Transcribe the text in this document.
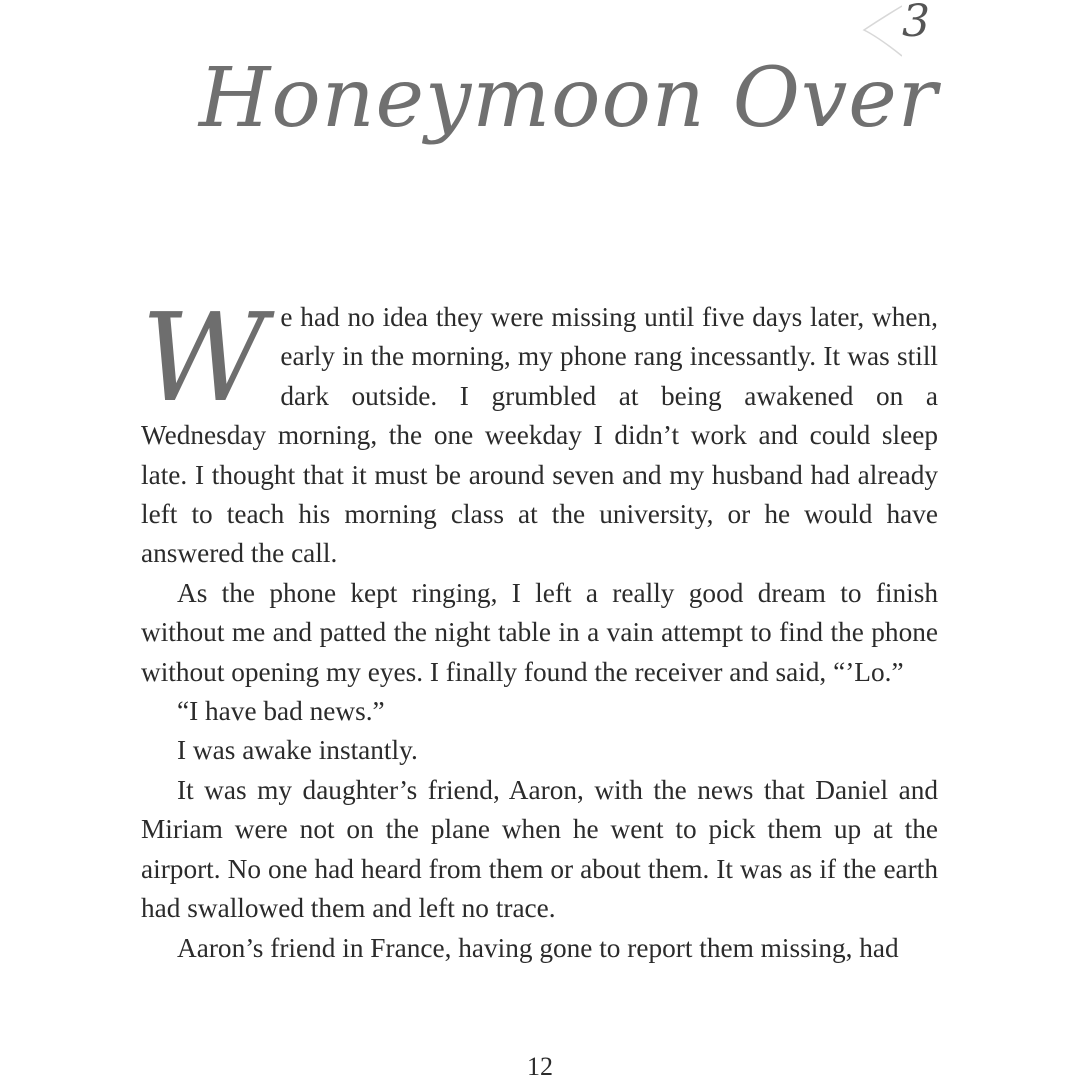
3
Honeymoon Over
W e had no idea they were missing until five days later, when, early in the morning, my phone rang incessantly. It was still dark outside. I grumbled at being awakened on a Wednesday morning, the one weekday I didn’t work and could sleep late. I thought that it must be around seven and my husband had already left to teach his morning class at the university, or he would have answered the call.

As the phone kept ringing, I left a really good dream to finish without me and patted the night table in a vain attempt to find the phone without opening my eyes. I finally found the receiver and said, “’Lo.”

“I have bad news.”

I was awake instantly.

It was my daughter’s friend, Aaron, with the news that Daniel and Miriam were not on the plane when he went to pick them up at the airport. No one had heard from them or about them. It was as if the earth had swallowed them and left no trace.

Aaron’s friend in France, having gone to report them missing, had

12
